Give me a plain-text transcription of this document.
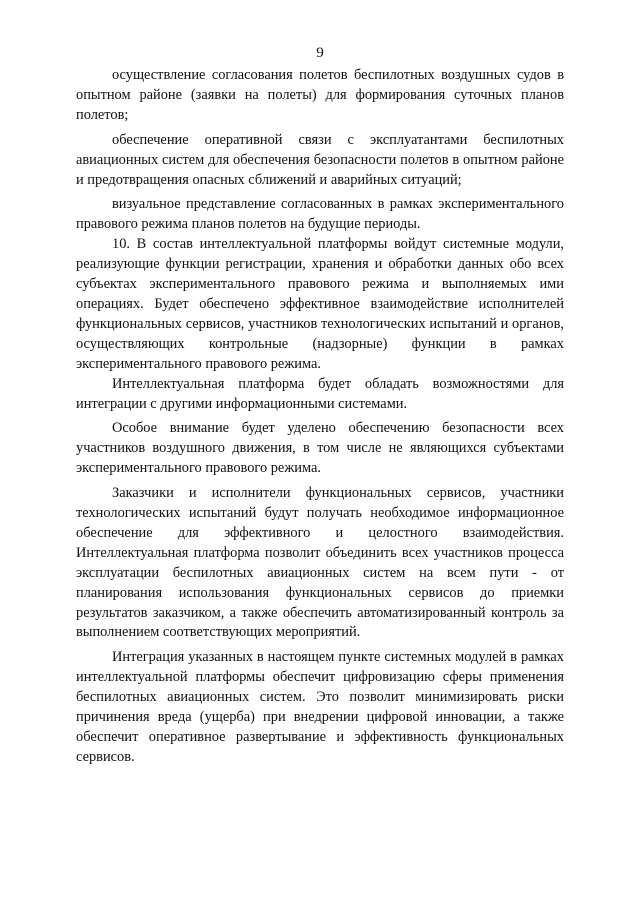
9

осуществление согласования полетов беспилотных воздушных судов в опытном районе (заявки на полеты) для формирования суточных планов полетов;

обеспечение оперативной связи с эксплуатантами беспилотных авиационных систем для обеспечения безопасности полетов в опытном районе и предотвращения опасных сближений и аварийных ситуаций;

визуальное представление согласованных в рамках экспериментального правового режима планов полетов на будущие периоды.

10. В состав интеллектуальной платформы войдут системные модули, реализующие функции регистрации, хранения и обработки данных обо всех субъектах экспериментального правового режима и выполняемых ими операциях. Будет обеспечено эффективное взаимодействие исполнителей функциональных сервисов, участников технологических испытаний и органов, осуществляющих контрольные (надзорные) функции в рамках экспериментального правового режима.

Интеллектуальная платформа будет обладать возможностями для интеграции с другими информационными системами.

Особое внимание будет уделено обеспечению безопасности всех участников воздушного движения, в том числе не являющихся субъектами экспериментального правового режима.

Заказчики и исполнители функциональных сервисов, участники технологических испытаний будут получать необходимое информационное обеспечение для эффективного и целостного взаимодействия. Интеллектуальная платформа позволит объединить всех участников процесса эксплуатации беспилотных авиационных систем на всем пути - от планирования использования функциональных сервисов до приемки результатов заказчиком, а также обеспечить автоматизированный контроль за выполнением соответствующих мероприятий.

Интеграция указанных в настоящем пункте системных модулей в рамках интеллектуальной платформы обеспечит цифровизацию сферы применения беспилотных авиационных систем. Это позволит минимизировать риски причинения вреда (ущерба) при внедрении цифровой инновации, а также обеспечит оперативное развертывание и эффективность функциональных сервисов.
